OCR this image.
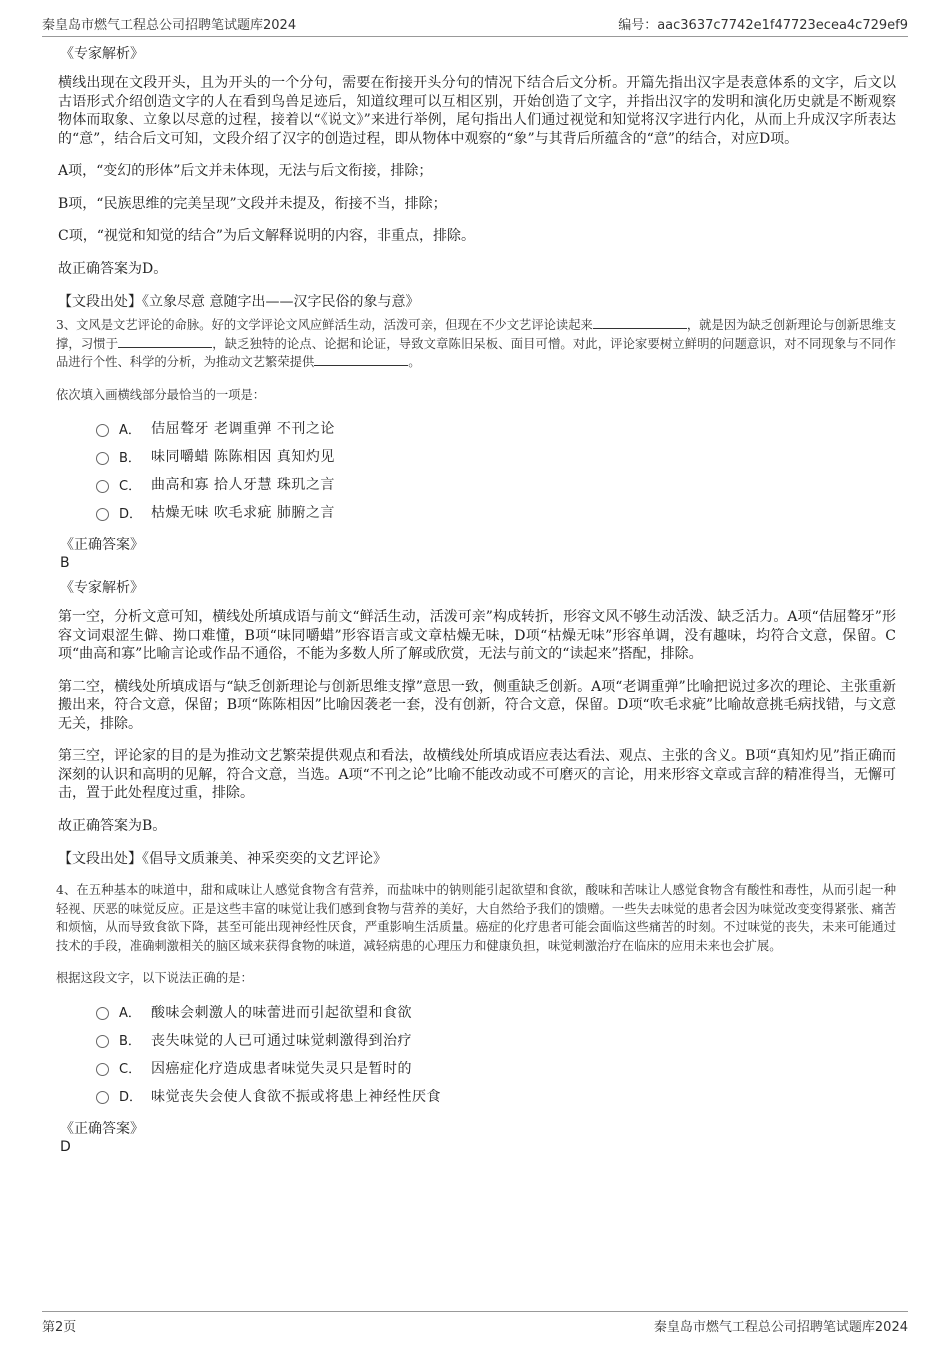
秦皇岛市燃气工程总公司招聘笔试题库2024	编号：aac3637c7742e1f47723ecea4c729ef9
《专家解析》

横线出现在文段开头，且为开头的一个分句，需要在衔接开头分句的情况下结合后文分析。开篇先指出汉字是表意体系的文字，后文以古语形式介绍创造文字的人在看到鸟兽足迹后，知道纹理可以互相区别，开始创造了文字，并指出汉字的发明和演化历史就是不断观察物体而取象、立象以尽意的过程，接着以“《说文》”来进行举例，尾句指出人们通过视觉和知觉将汉字进行内化，从而上升成汉字所表达的“意”，结合后文可知，文段介绍了汉字的创造过程，即从物体中观察的“象”与其背后所蕴含的“意”的结合，对应D项。

A项，“变幻的形体”后文并未体现，无法与后文衔接，排除；

B项，“民族思维的完美呈现”文段并未提及，衔接不当，排除；

C项，“视觉和知觉的结合”为后文解释说明的内容，非重点，排除。

故正确答案为D。

【文段出处】《立象尽意 意随字出——汉字民俗的象与意》

3、文风是文艺评论的命脉。好的文学评论文风应鲜活生动，活泼可亲，但现在不少文艺评论读起来	，就是因为缺乏创新理论与创新思维支撑，习惯于	，缺乏独特的论点、论据和论证，导致文章陈旧呆板、面目可憎。对此，评论家要树立鲜明的问题意识，对不同现象与不同作品进行个性、科学的分析，为推动文艺繁荣提供	。

依次填入画横线部分最恰当的一项是：

A． 佶屈聱牙 老调重弹 不刊之论
B． 味同嚼蜡 陈陈相因 真知灼见
C． 曲高和寡 拾人牙慧 珠玑之言
D． 枯燥无味 吹毛求疵 肺腑之言
《正确答案》
B
《专家解析》

第一空，分析文意可知，横线处所填成语与前文“鲜活生动，活泼可亲”构成转折，形容文风不够生动活泼、缺乏活力。A项“佶屈聱牙”形容文词艰涩生僻、拗口难懂，B项“味同嚼蜡”形容语言或文章枯燥无味，D项“枯燥无味”形容单调，没有趣味，均符合文意，保留。C项“曲高和寡”比喻言论或作品不通俗，不能为多数人所了解或欣赏，无法与前文的“读起来”搭配，排除。

第二空，横线处所填成语与“缺乏创新理论与创新思维支撑”意思一致，侧重缺乏创新。A项“老调重弹”比喻把说过多次的理论、主张重新搬出来，符合文意，保留；B项“陈陈相因”比喻因袭老一套，没有创新，符合文意，保留。D项“吹毛求疵”比喻故意挑毛病找错，与文意无关，排除。

第三空，评论家的目的是为推动文艺繁荣提供观点和看法，故横线处所填成语应表达看法、观点、主张的含义。B项“真知灼见”指正确而深刻的认识和高明的见解，符合文意，当选。A项“不刊之论”比喻不能改动或不可磨灭的言论，用来形容文章或言辞的精准得当，无懈可击，置于此处程度过重，排除。

故正确答案为B。

【文段出处】《倡导文质兼美、神采奕奕的文艺评论》

4、在五种基本的味道中，甜和咸味让人感觉食物含有营养，而盐味中的钠则能引起欲望和食欲，酸味和苦味让人感觉食物含有酸性和毒性，从而引起一种轻视、厌恶的味觉反应。正是这些丰富的味觉让我们感到食物与营养的美好，大自然给予我们的馈赠。一些失去味觉的患者会因为味觉改变变得紧张、痛苦和烦恼，从而导致食欲下降，甚至可能出现神经性厌食，严重影响生活质量。癌症的化疗患者可能会面临这些痛苦的时刻。不过味觉的丧失，未来可能通过技术的手段，准确刺激相关的脑区域来获得食物的味道，减轻病患的心理压力和健康负担，味觉刺激治疗在临床的应用未来也会扩展。

根据这段文字，以下说法正确的是：

A． 酸味会刺激人的味蕾进而引起欲望和食欲
B． 丧失味觉的人已可通过味觉刺激得到治疗
C． 因癌症化疗造成患者味觉失灵只是暂时的
D． 味觉丧失会使人食欲不振或将患上神经性厌食
《正确答案》
D
第2页	秦皇岛市燃气工程总公司招聘笔试题库2024
